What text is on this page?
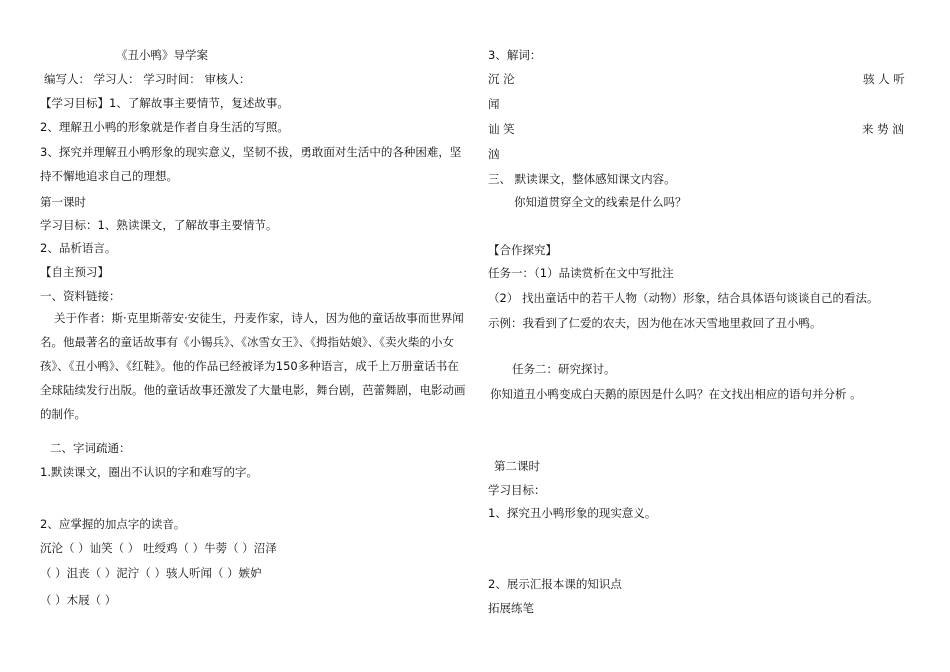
《丑小鸭》导学案
编写人： 学习人： 学习时间： 审核人：
【学习目标】1、了解故事主要情节，复述故事。
2、理解丑小鸭的形象就是作者自身生活的写照。
3、探究并理解丑小鸭形象的现实意义，坚韧不拔，勇敢面对生活中的各种困难，坚持不懈地追求自己的理想。
第一课时
学习目标：1、熟读课文，了解故事主要情节。
2、品析语言。
【自主预习】
一、资料链接：
关于作者：斯·克里斯蒂安·安徒生，丹麦作家，诗人，因为他的童话故事而世界闻名。他最著名的童话故事有《小锡兵》、《冰雪女王》、《拇指姑娘》、《卖火柴的小女孩》、《丑小鸭》、《红鞋》。他的作品已经被译为150多种语言，成千上万册童话书在全球陆续发行出版。他的童话故事还激发了大量电影，舞台剧，芭蕾舞剧，电影动画的制作。
二、字词疏通：
1.默读课文，圈出不认识的字和难写的字。
2、应掌握的加点字的读音。
沉沦（ ）讪笑（ ） 吐绶鸡（ ）牛蒡（ ）沼泽
（ ）沮丧（ ）泥泞（ ）骇人听闻（ ）嫉妒
（ ）木屐（ ）
3、解词：
沉 沦	骇 人 听
闻
讪 笑	来 势 汹
汹
三、 默读课文，整体感知课文内容。
你知道贯穿全文的线索是什么吗？
【合作探究】
任务一：（1）品读赏析在文中写批注
（2） 找出童话中的若干人物（动物）形象，结合具体语句谈谈自己的看法。
示例：我看到了仁爱的农夫，因为他在冰天雪地里救回了丑小鸭。
任务二：研究探讨。
你知道丑小鸭变成白天鹅的原因是什么吗？在文找出相应的语句并分析 。
第二课时
学习目标：
1、探究丑小鸭形象的现实意义。
2、展示汇报本课的知识点
拓展练笔
